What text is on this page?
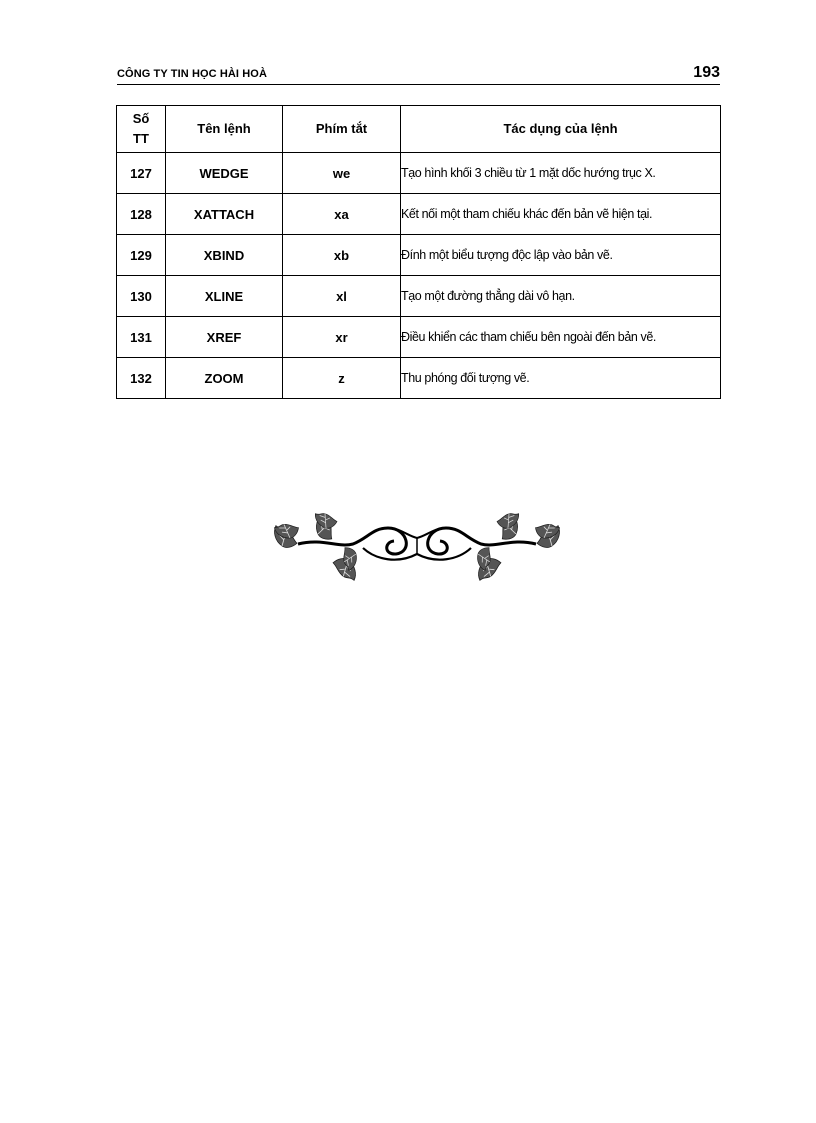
CÔNG TY TIN HỌC HÀI HOÀ	193
Số
TT	Tên lệnh	Phím tắt	Tác dụng của lệnh
127	WEDGE	we	Tạo hình khối 3 chiều từ 1 mặt dốc hướng trục X.
128	XATTACH	xa	Kết nối một tham chiếu khác đến bản vẽ hiện tại.
129	XBIND	xb	Đính một biểu tượng độc lập vào bản vẽ.
130	XLINE	xl	Tạo một đường thẳng dài vô hạn.
131	XREF	xr	Điều khiển các tham chiếu bên ngoài đến bản vẽ.
132	ZOOM	z	Thu phóng đối tượng vẽ.
